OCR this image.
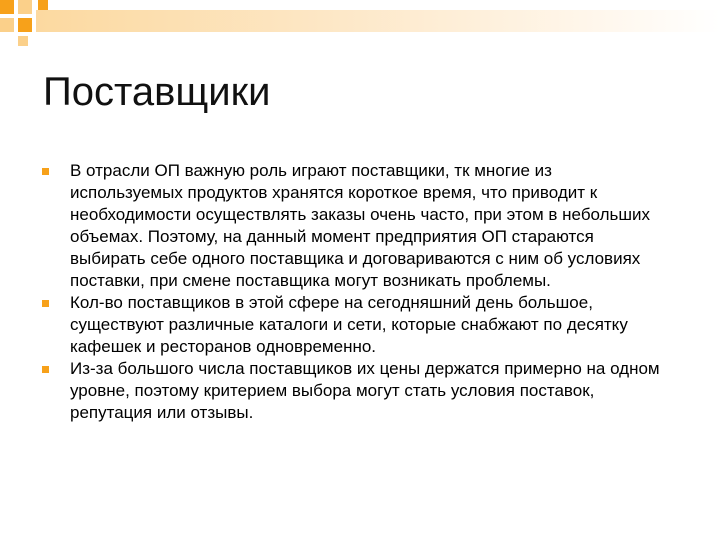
Поставщики
В отрасли ОП важную роль играют поставщики, тк многие из используемых продуктов хранятся короткое время, что приводит к необходимости осуществлять заказы очень часто, при этом в небольших объемах. Поэтому, на данный момент предприятия ОП стараются выбирать себе одного поставщика и договариваются с ним об условиях поставки, при смене поставщика могут возникать проблемы.
Кол-во поставщиков в этой сфере на сегодняшний день большое, существуют различные каталоги и сети, которые снабжают по десятку кафешек и ресторанов одновременно.
Из-за большого числа поставщиков их цены держатся примерно на одном уровне, поэтому критерием выбора могут стать условия поставок, репутация или отзывы.
